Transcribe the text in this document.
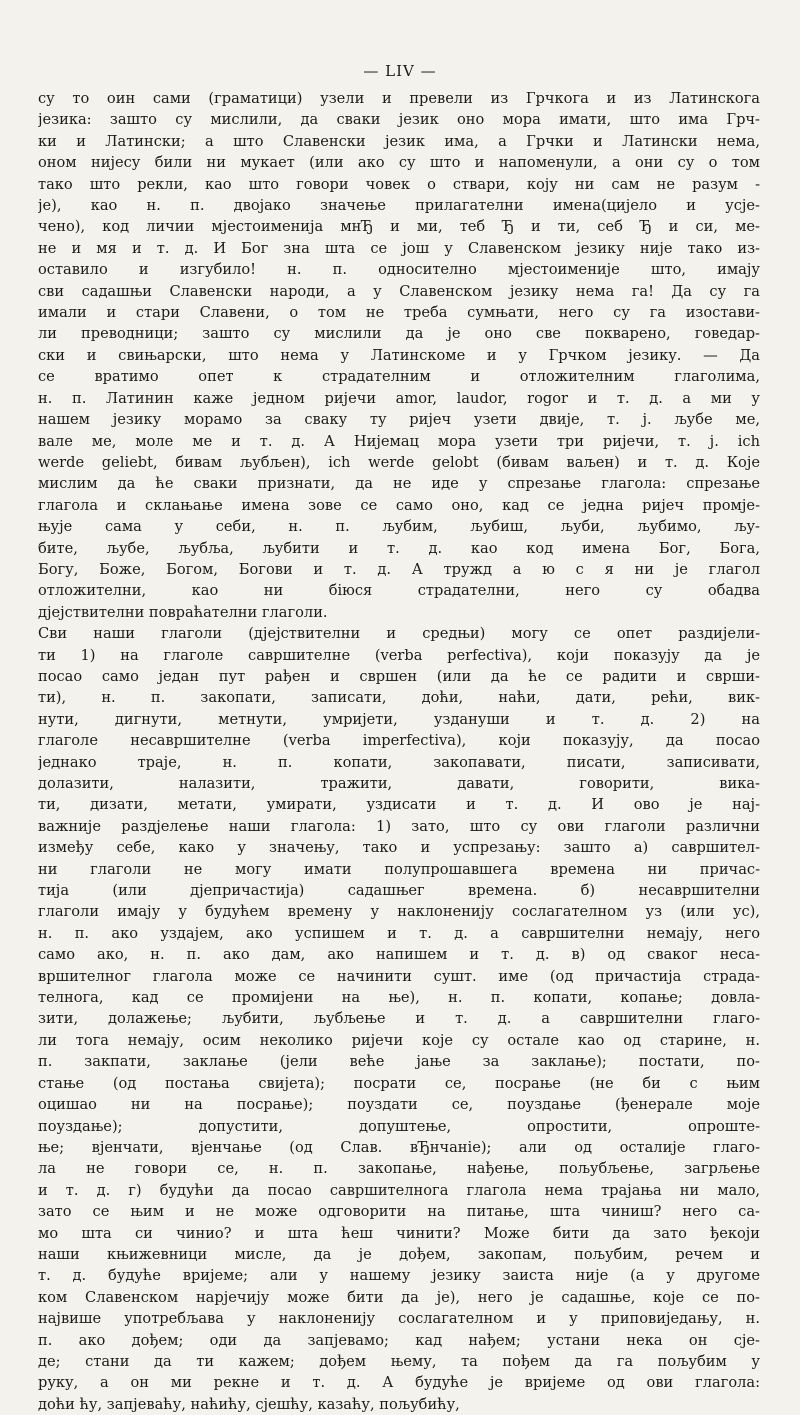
— LIV —
су то оин сами (граматици) узели и превели из Грчкога и из Латинскога
језика: зашто су мислили, да сваки језик оно мора имати, што има Грч-
ки и Латински; а што Славенски језик има, а Грчки и Латински нема,
оном нијесу били ни мукает (или ако су што и напоменули, а они су о том
тако што рекли, као што говори човек о ствари, коју ни сам не разум -
је), као н. п. двојако значење прилагателни имена(цијело и усје-
чено), код личии мјестоименија мнЂ и ми, теб Ђ и ти, себ Ђ и си, ме-
не и мя и т. д. И Бог зна шта се још у Славенском језику није тако из-
оставило и изгубило! н. п. односително мјестоименије што, имају
сви садашњи Славенски народи, а у Славенском језику нема га! Да су га
имали и стари Славени, о том не треба сумњати, него су га изостави-
ли преводници; зашто су мислили да је оно све покварено, говедар-
ски и свињарски, што нема у Латинскоме и у Грчком језику. — Да
се вратимо опет к страдателним и отложителним глаголима,
н. п. Латинин каже једном ријечи amor, laudor, rogor и т. д. а ми у
нашем језику морамо за сваку ту ријеч узети двије, т. ј. љубе ме,
вале ме, моле ме и т. д. А Нијемац мора узети три ријечи, т. ј. ich
werde geliebt, бивам љубљен), ich werde gelobt (бивам ваљен) и т. д. Које
мислим да ће сваки признати, да не иде у спрезање глагола: спрезање
глагола и склањање имена зове се само оно, кад се једна ријеч промје-
њује сама у себи, н. п. љубим, љубиш, љуби, љубимо, љу-
бите, љубе, љубља, љубити и т. д. као код имена Бог, Бога,
Богу, Боже, Богом, Богови и т. д. А тружд а ю с я ни је глагол
отложителни, као ни біюся страдателни, него су обадва
дјејствителни повраћателни глаголи.
Сви наши глаголи (дјејствителни и средњи) могу се опет раздијели-
ти 1) на глаголе савршителне (verba perfectiva), који показују да је
посао само један пут рађен и свршен (или да ће се радити и сврши-
ти), н. п. закопати, записати, доћи, наћи, дати, рећи, вик-
нути, дигнути, метнути, умријети, уздануши и т. д. 2) на
глаголе несавршителне (verba imperfectiva), који показују, да посао
једнако траје, н. п. копати, закопавати, писати, записивати,
долазити, налазити, тражити, давати, говорити, вика-
ти, дизати, метати, умирати, уздисати и т. д. И ово је нај-
важније раздјелење наши глагола: 1) зато, што су ови глаголи различни
између себе, како у значењу, тако и успрезању: зашто а) савршител-
ни глаголи не могу имати полупрошавшега времена ни причас-
тија (или дјепричаcтија) садашњег времена. б) несавршителни
глаголи имају у будућем времену у наклоненију сослагателном уз (или ус),
н. п. ако уздајем, ако успишем и т. д. а савршителни немају, него
само ако, н. п. ако дам, ако напишем и т. д. в) од сваког неса-
вршителног глагола може се начинити сушт. име (од причастија страда-
телнога, кад се промијени на ње), н. п. копати, копање; довла-
зити, долажење; љубити, љубљење и т. д. а савршителни глаго-
ли тога немају, осим неколико ријечи које су остале као од старине, н.
п. закпати, заклање (јели веће јање за заклање); постати, по-
стање (од постања свијета); посрати се, посрање (не би с њим
оцишао ни на посрање); поуздати се, поуздање (ђенерале моје
поуздање); допустити, допуштење, опростити, опроште-
ње; вјенчати, вјенчање (од Слав. вЂнчаніе); али од осталије глаго-
ла не говори се, н. п. закопање, нађење, пољубљење, загрљење
и т. д. г) будући да посао савршителнога глагола нема трајања ни мало,
зато се њим и не може одговорити на питање, шта чиниш? него са-
мо шта си чинио? и шта ћеш чинити? Може бити да зато ђекоји
наши књижевници мисле, да је дођем, закопам, пољубим, речем и
т. д. будуће вријеме; али у нашему језику заиста није (а у другоме
ком Славенском нарјечију може бити да је), него је садашње, које се по-
највише употребљава у наклоненију сослагателном и у приповиједању, н.
п. ако дођем; оди да запјевамо; кад нађем; устани нека он сје-
де; стани да ти кажем; дођем њему, та пођем да га пољубим у
руку, а он ми рекне и т. д. А будуће је вријеме од ови глагола:
доћи ћу, запјеваћу, наћићу, сјешћу, казаћу, пољубићу,
